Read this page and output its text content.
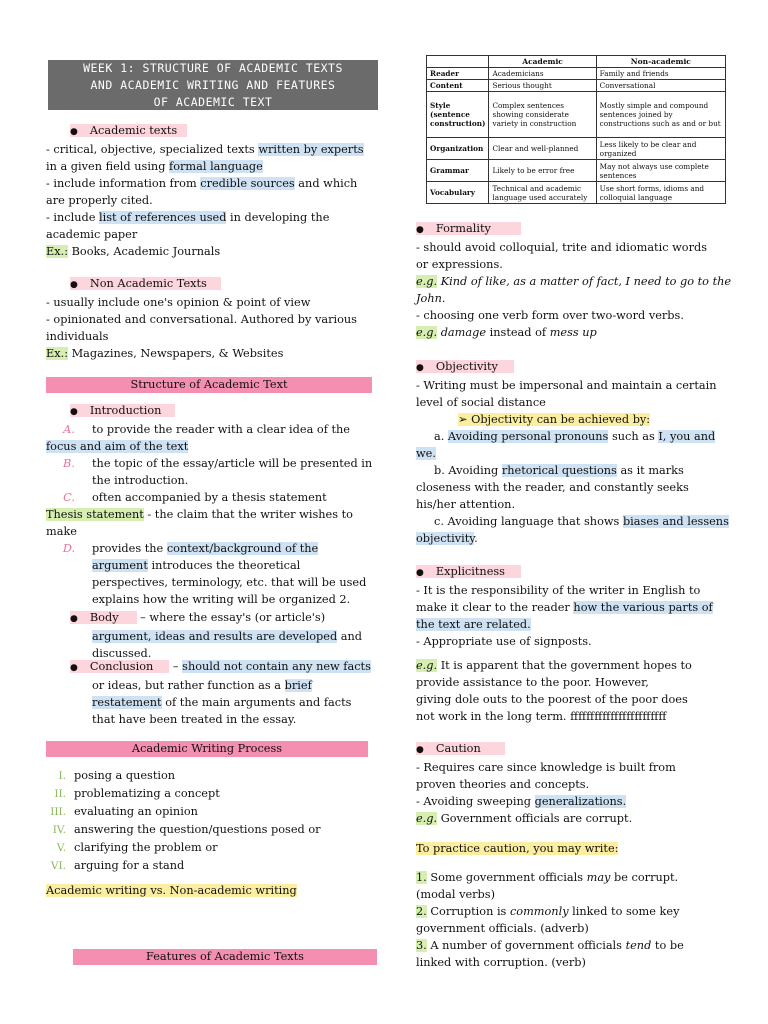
WEEK 1: STRUCTURE OF ACADEMIC TEXTS
AND ACADEMIC WRITING AND FEATURES
OF ACADEMIC TEXT

● Academic texts

- critical, objective, specialized texts written by experts

in a given field using formal language

- include information from credible sources and which

are properly cited.

- include list of references used in developing the

academic paper

Ex.: Books, Academic Journals

● Non Academic Texts

- usually include one's opinion & point of view

- opinionated and conversational. Authored by various

individuals

Ex.: Magazines, Newspapers, & Websites

Structure of Academic Text

● Introduction

A. to provide the reader with a clear idea of the

focus and aim of the text

B. the topic of the essay/article will be presented in

the introduction.

C. often accompanied by a thesis statement

Thesis statement - the claim that the writer wishes to

make

D. provides the context/background of the

argument introduces the theoretical

perspectives, terminology, etc. that will be used

explains how the writing will be organized 2.

● Body – where the essay's (or article's)

argument, ideas and results are developed and

discussed.

● Conclusion – should not contain any new facts

or ideas, but rather function as a brief

restatement of the main arguments and facts

that have been treated in the essay.

Academic Writing Process

I. posing a question

II. problematizing a concept

III. evaluating an opinion

IV. answering the question/questions posed or

V. clarifying the problem or

VI. arguing for a stand

Academic writing vs. Non-academic writing
Features of Academic Texts
	Academic	Non-academic
Reader	Academicians	Family and friends
Content	Serious thought	Conversational
Style (sentence construction)	Complex sentences showing considerate variety in construction	Mostly simple and compound sentences joined by constructions such as and or but
Organization	Clear and well-planned	Less likely to be clear and organized
Grammar	Likely to be error free	May not always use complete sentences
Vocabulary	Technical and academic language used accurately	Use short forms, idioms and colloquial language

● Formality

- should avoid colloquial, trite and idiomatic words

or expressions.

e.g. Kind of like, as a matter of fact, I need to go to the

John.

- choosing one verb form over two-word verbs.

e.g. damage instead of mess up

● Objectivity

- Writing must be impersonal and maintain a certain

level of social distance

➢ Objectivity can be achieved by:

a. Avoiding personal pronouns such as I, you and

we.

b. Avoiding rhetorical questions as it marks

closeness with the reader, and constantly seeks

his/her attention.

c. Avoiding language that shows biases and lessens

objectivity.

● Explicitness

- It is the responsibility of the writer in English to

make it clear to the reader how the various parts of

the text are related.

- Appropriate use of signposts.

e.g. It is apparent that the government hopes to

provide assistance to the poor. However,

giving dole outs to the poorest of the poor does

not work in the long term. ffffffffffffffffffffffff

● Caution

- Requires care since knowledge is built from

proven theories and concepts.

- Avoiding sweeping generalizations.

e.g. Government officials are corrupt.

To practice caution, you may write:

1. Some government officials may be corrupt.

(modal verbs)

2. Corruption is commonly linked to some key

government officials. (adverb)

3. A number of government officials tend to be

linked with corruption. (verb)
